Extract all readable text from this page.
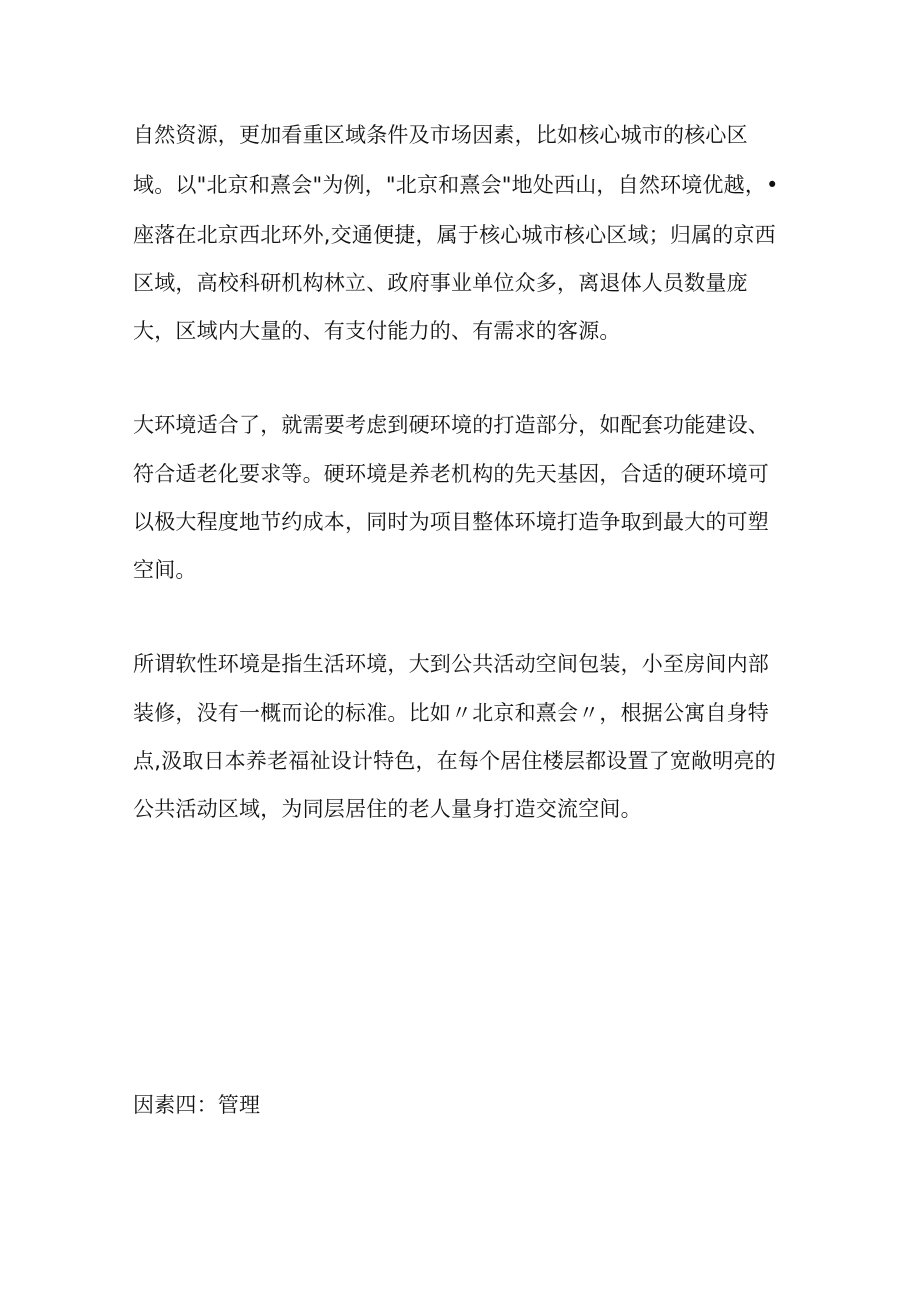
自然资源，更加看重区域条件及市场因素，比如核心城市的核心区
域。以"北京和熹会"为例，"北京和熹会"地处西山，自然环境优越，•
座落在北京西北环外,交通便捷，属于核心城市核心区域；归属的京西
区域，高校科研机构林立、政府事业单位众多，离退体人员数量庞
大，区域内大量的、有支付能力的、有需求的客源。
大环境适合了，就需要考虑到硬环境的打造部分，如配套功能建设、
符合适老化要求等。硬环境是养老机构的先天基因，合适的硬环境可
以极大程度地节约成本，同时为项目整体环境打造争取到最大的可塑
空间。
所谓软性环境是指生活环境，大到公共活动空间包装，小至房间内部
装修，没有一概而论的标准。比如〃北京和熹会〃，根据公寓自身特
点,汲取日本养老福祉设计特色，在每个居住楼层都设置了宽敞明亮的
公共活动区域，为同层居住的老人量身打造交流空间。
因素四：管理
